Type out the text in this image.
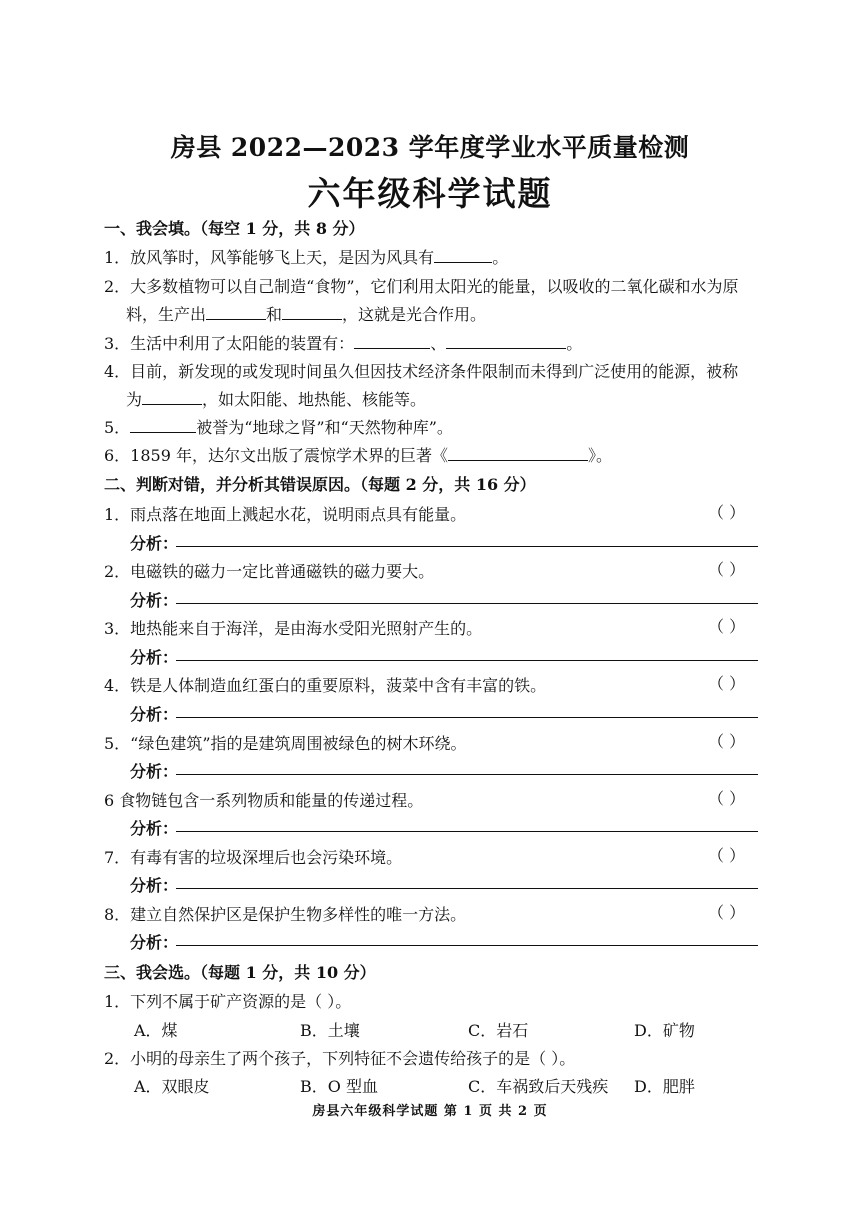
房县 2022—2023 学年度学业水平质量检测
六年级科学试题
一、我会填。（每空 1 分，共 8 分）
1．放风筝时，风筝能够飞上天，是因为风具有	。
2．大多数植物可以自己制造“食物”，它们利用太阳光的能量，以吸收的二氧化碳和水为原
料，生产出	和	，这就是光合作用。
3．生活中利用了太阳能的装置有：	、	。
4．目前，新发现的或发现时间虽久但因技术经济条件限制而未得到广泛使用的能源，被称
为	，如太阳能、地热能、核能等。
5．	被誉为“地球之肾”和“天然物种库”。
6．1859 年，达尔文出版了震惊学术界的巨著《	》。
二、判断对错，并分析其错误原因。（每题 2 分，共 16 分）
1．雨点落在地面上溅起水花，说明雨点具有能量。	（ ）
分析：
2．电磁铁的磁力一定比普通磁铁的磁力要大。	（ ）
分析：
3．地热能来自于海洋，是由海水受阳光照射产生的。	（ ）
分析：
4．铁是人体制造血红蛋白的重要原料，菠菜中含有丰富的铁。	（ ）
分析：
5．“绿色建筑”指的是建筑周围被绿色的树木环绕。	（ ）
分析：
6 食物链包含一系列物质和能量的传递过程。	（ ）
分析：
7．有毒有害的垃圾深埋后也会污染环境。	（ ）
分析：
8．建立自然保护区是保护生物多样性的唯一方法。	（ ）
分析：
三、我会选。（每题 1 分，共 10 分）
1．下列不属于矿产资源的是（ ）。
A．煤	B．土壤	C．岩石	D．矿物
2．小明的母亲生了两个孩子，下列特征不会遗传给孩子的是（ ）。
A．双眼皮	B．O 型血	C．车祸致后天残疾 D．肥胖
房县六年级科学试题 第 1 页 共 2 页
